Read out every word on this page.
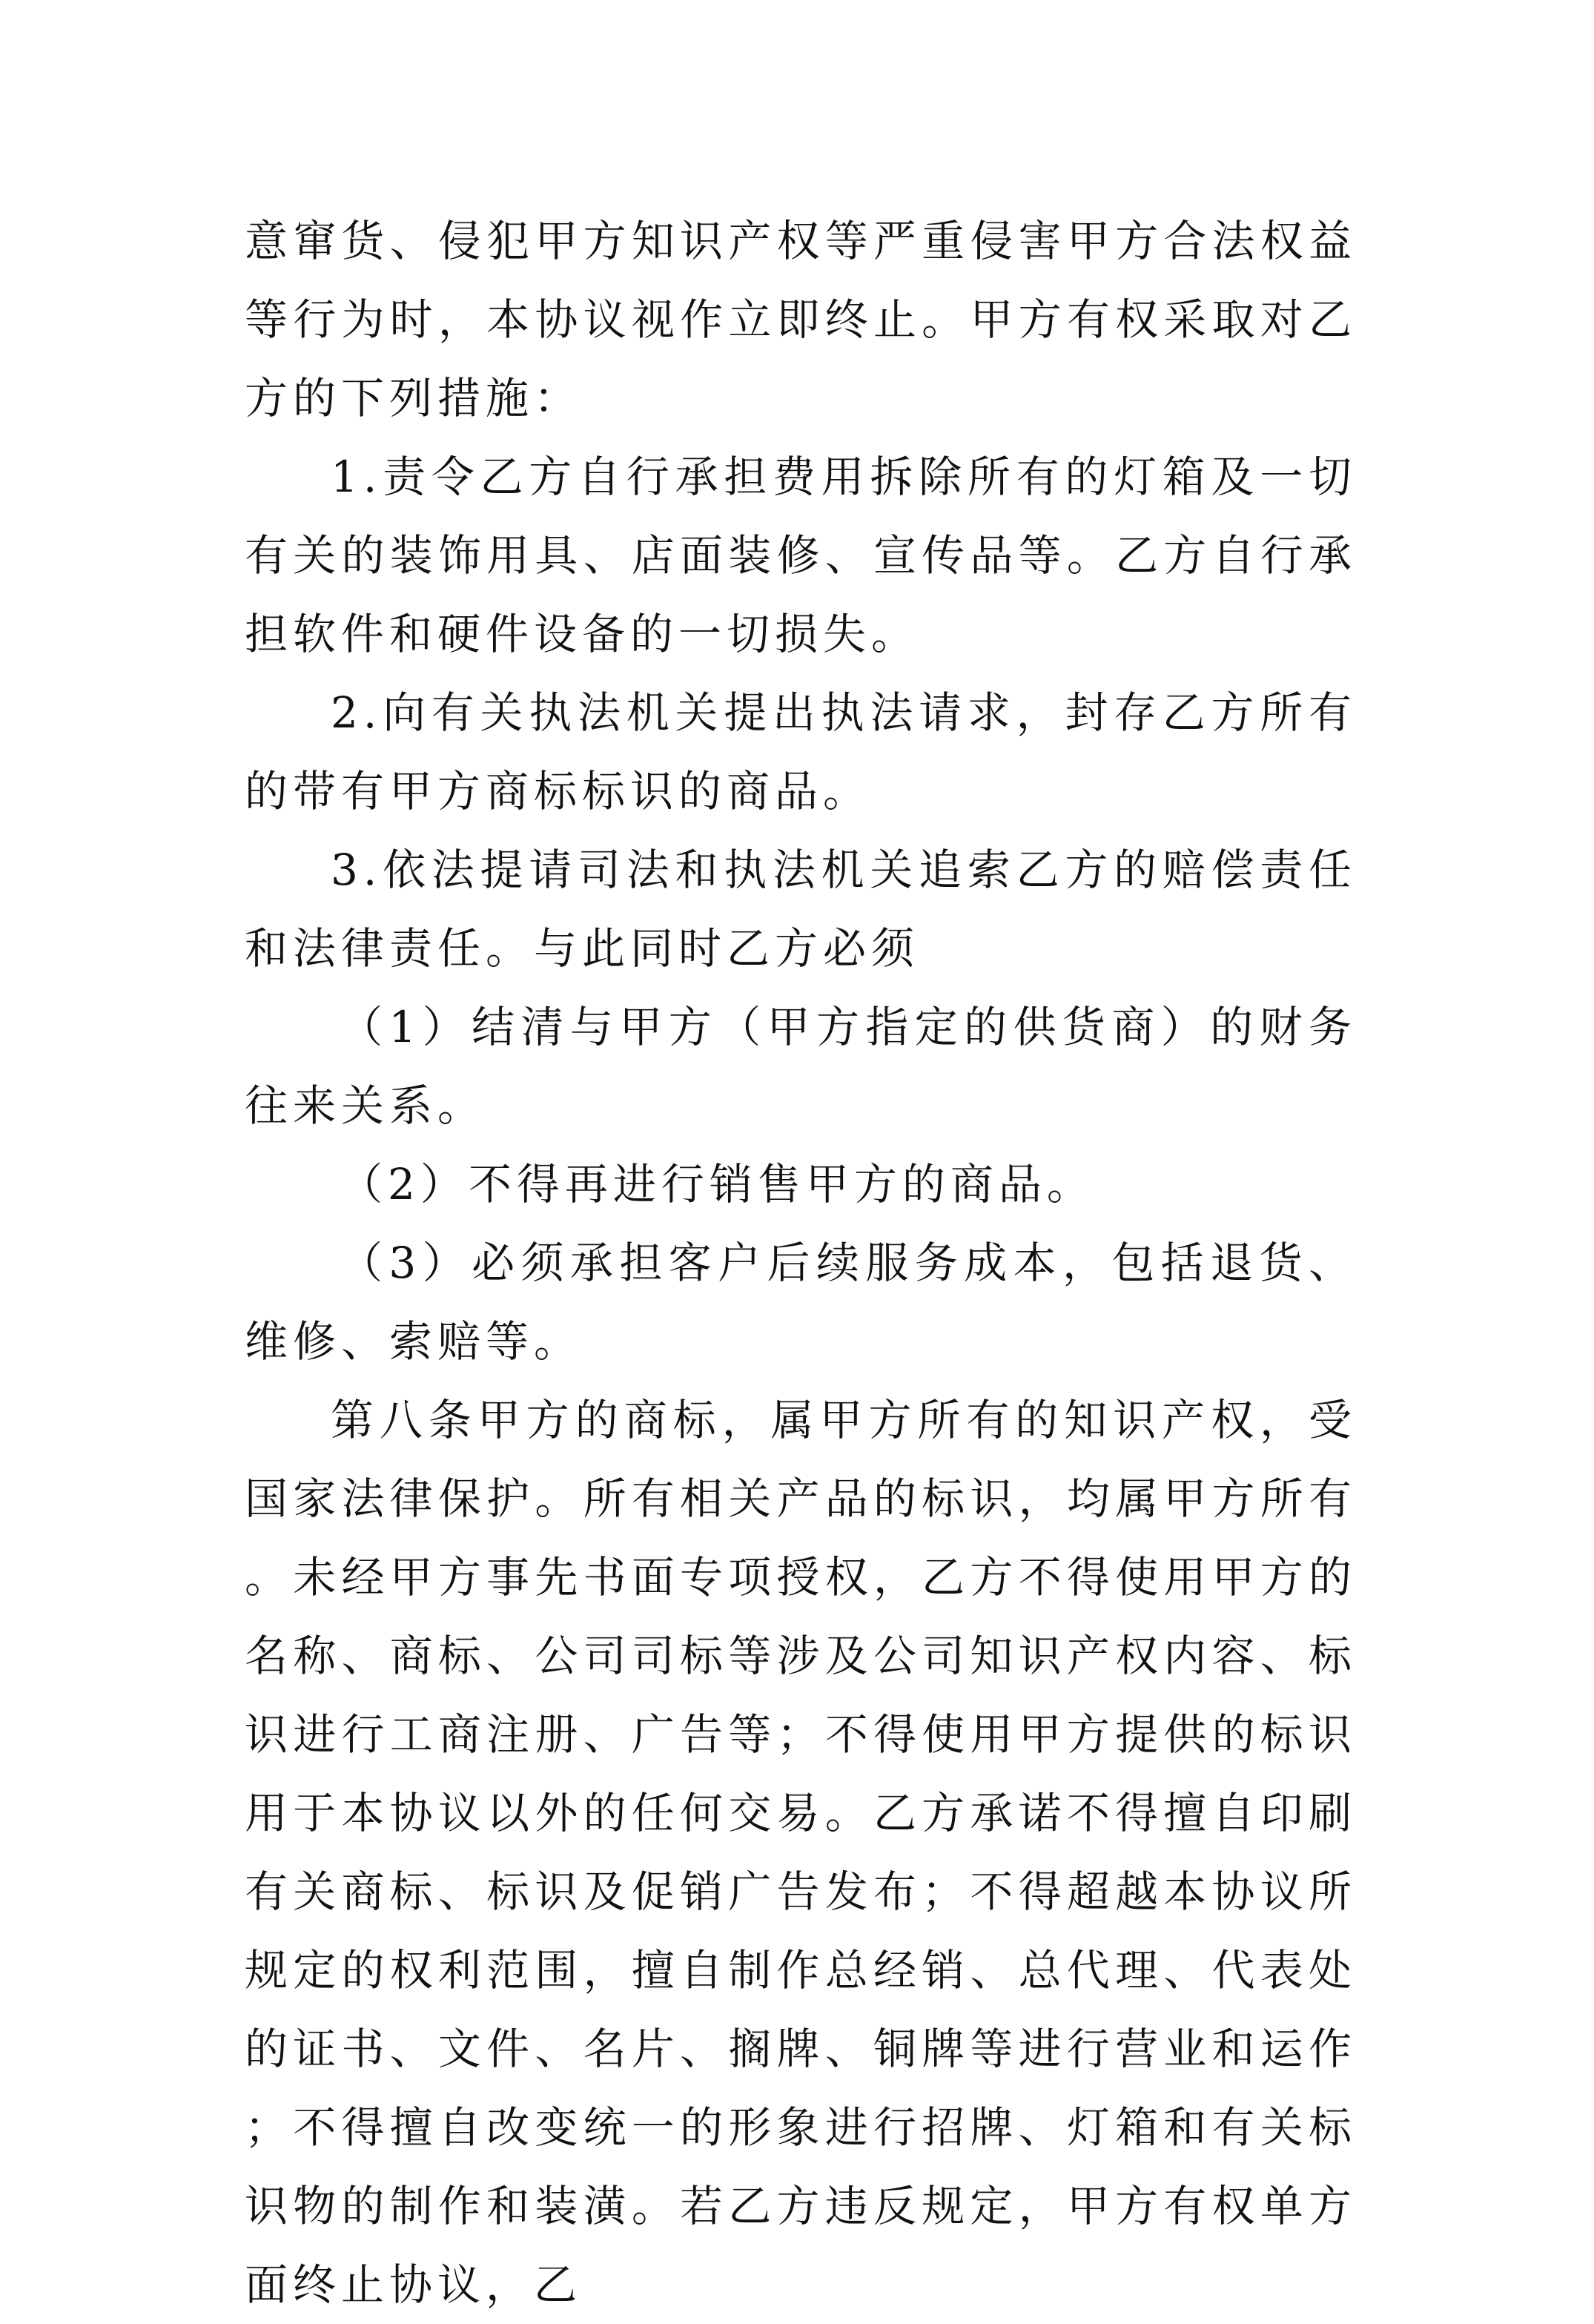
意窜货、侵犯甲方知识产权等严重侵害甲方合法权益等行为时，本协议视作立即终止。甲方有权采取对乙方的下列措施：

1.责令乙方自行承担费用拆除所有的灯箱及一切有关的装饰用具、店面装修、宣传品等。乙方自行承担软件和硬件设备的一切损失。

2.向有关执法机关提出执法请求，封存乙方所有的带有甲方商标标识的商品。

3.依法提请司法和执法机关追索乙方的赔偿责任和法律责任。与此同时乙方必须

（1）结清与甲方（甲方指定的供货商）的财务往来关系。

（2）不得再进行销售甲方的商品。

（3）必须承担客户后续服务成本，包括退货、维修、索赔等。

第八条甲方的商标，属甲方所有的知识产权，受国家法律保护。所有相关产品的标识，均属甲方所有。未经甲方事先书面专项授权，乙方不得使用甲方的名称、商标、公司司标等涉及公司知识产权内容、标识进行工商注册、广告等；不得使用甲方提供的标识用于本协议以外的任何交易。乙方承诺不得擅自印刷有关商标、标识及促销广告发布；不得超越本协议所规定的权利范围，擅自制作总经销、总代理、代表处的证书、文件、名片、搁牌、铜牌等进行营业和运作；不得擅自改变统一的形象进行招牌、灯箱和有关标识物的制作和装潢。若乙方违反规定，甲方有权单方面终止协议，乙
